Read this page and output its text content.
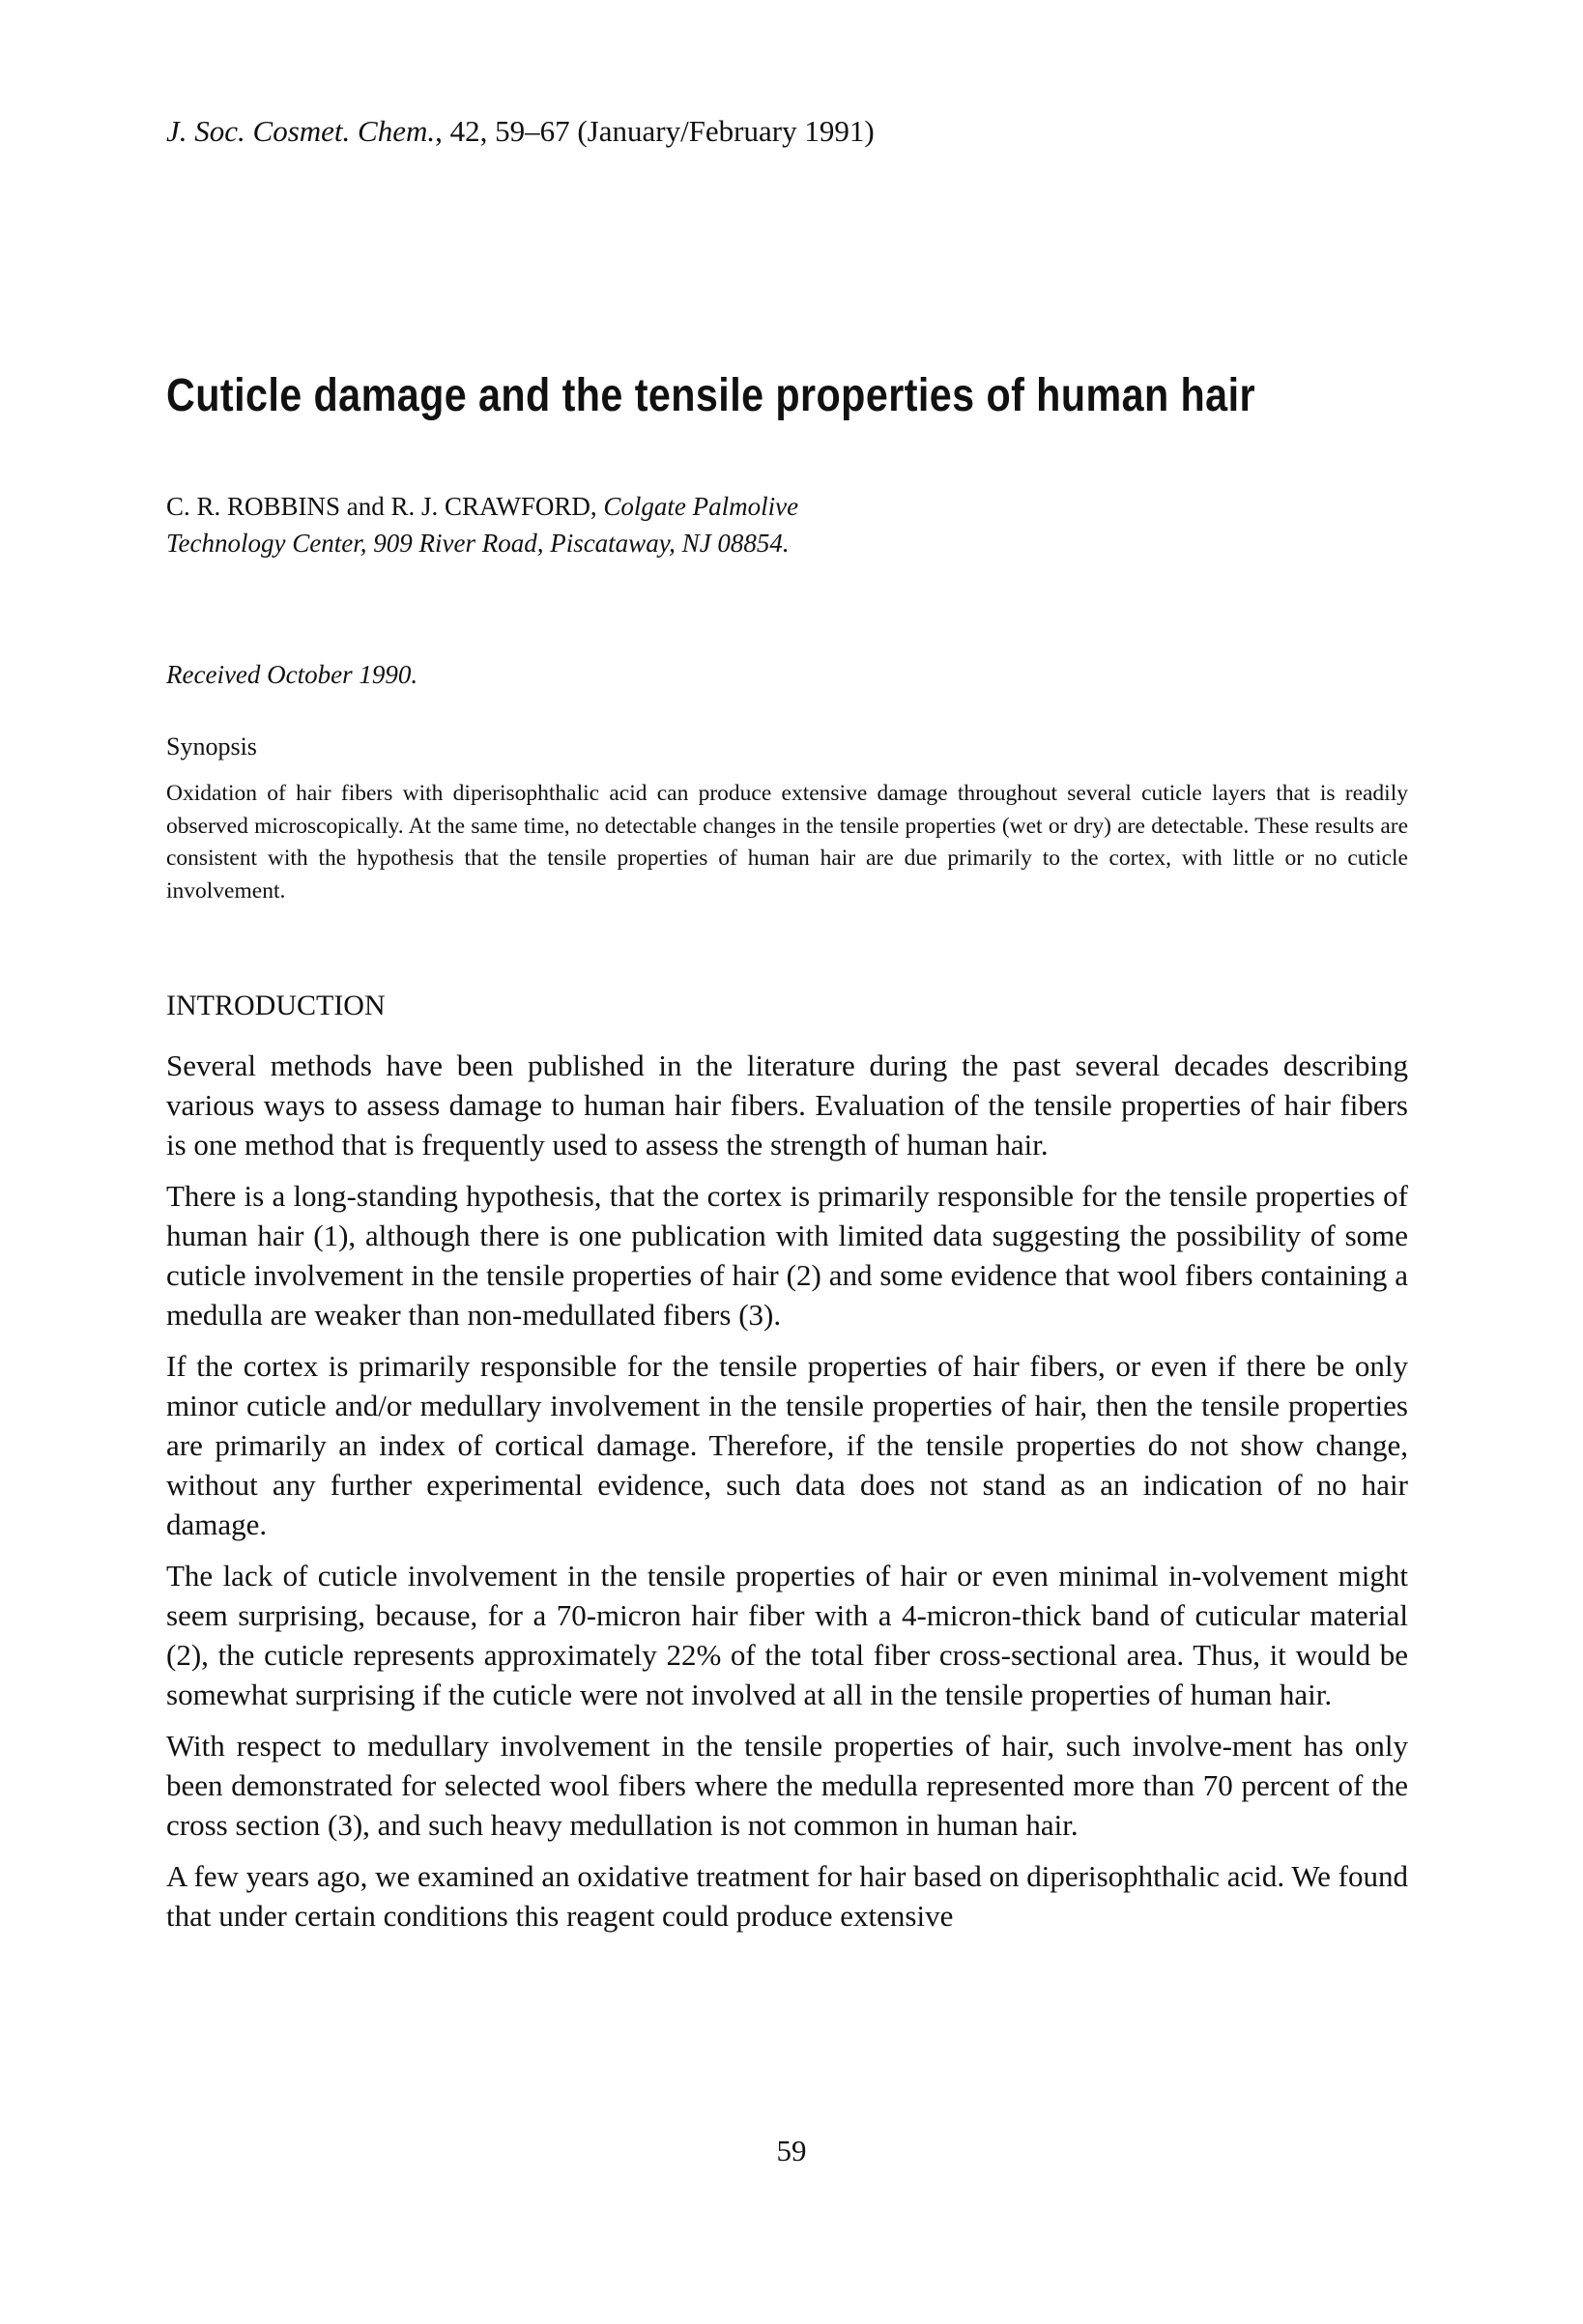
J. Soc. Cosmet. Chem., 42, 59–67 (January/February 1991)
Cuticle damage and the tensile properties of human hair
C. R. ROBBINS and R. J. CRAWFORD, Colgate Palmolive
Technology Center, 909 River Road, Piscataway, NJ 08854.
Received October 1990.
Synopsis
Oxidation of hair fibers with diperisophthalic acid can produce extensive damage throughout several cuticle layers that is readily observed microscopically. At the same time, no detectable changes in the tensile properties (wet or dry) are detectable. These results are consistent with the hypothesis that the tensile properties of human hair are due primarily to the cortex, with little or no cuticle involvement.
INTRODUCTION

Several methods have been published in the literature during the past several decades describing various ways to assess damage to human hair fibers. Evaluation of the tensile properties of hair fibers is one method that is frequently used to assess the strength of human hair.

There is a long-standing hypothesis, that the cortex is primarily responsible for the tensile properties of human hair (1), although there is one publication with limited data suggesting the possibility of some cuticle involvement in the tensile properties of hair (2) and some evidence that wool fibers containing a medulla are weaker than non-medullated fibers (3).

If the cortex is primarily responsible for the tensile properties of hair fibers, or even if there be only minor cuticle and/or medullary involvement in the tensile properties of hair, then the tensile properties are primarily an index of cortical damage. Therefore, if the tensile properties do not show change, without any further experimental evidence, such data does not stand as an indication of no hair damage.

The lack of cuticle involvement in the tensile properties of hair or even minimal in-volvement might seem surprising, because, for a 70-micron hair fiber with a 4-micron-thick band of cuticular material (2), the cuticle represents approximately 22% of the total fiber cross-sectional area. Thus, it would be somewhat surprising if the cuticle were not involved at all in the tensile properties of human hair.

With respect to medullary involvement in the tensile properties of hair, such involve-ment has only been demonstrated for selected wool fibers where the medulla represented more than 70 percent of the cross section (3), and such heavy medullation is not common in human hair.

A few years ago, we examined an oxidative treatment for hair based on diperisophthalic acid. We found that under certain conditions this reagent could produce extensive

59
